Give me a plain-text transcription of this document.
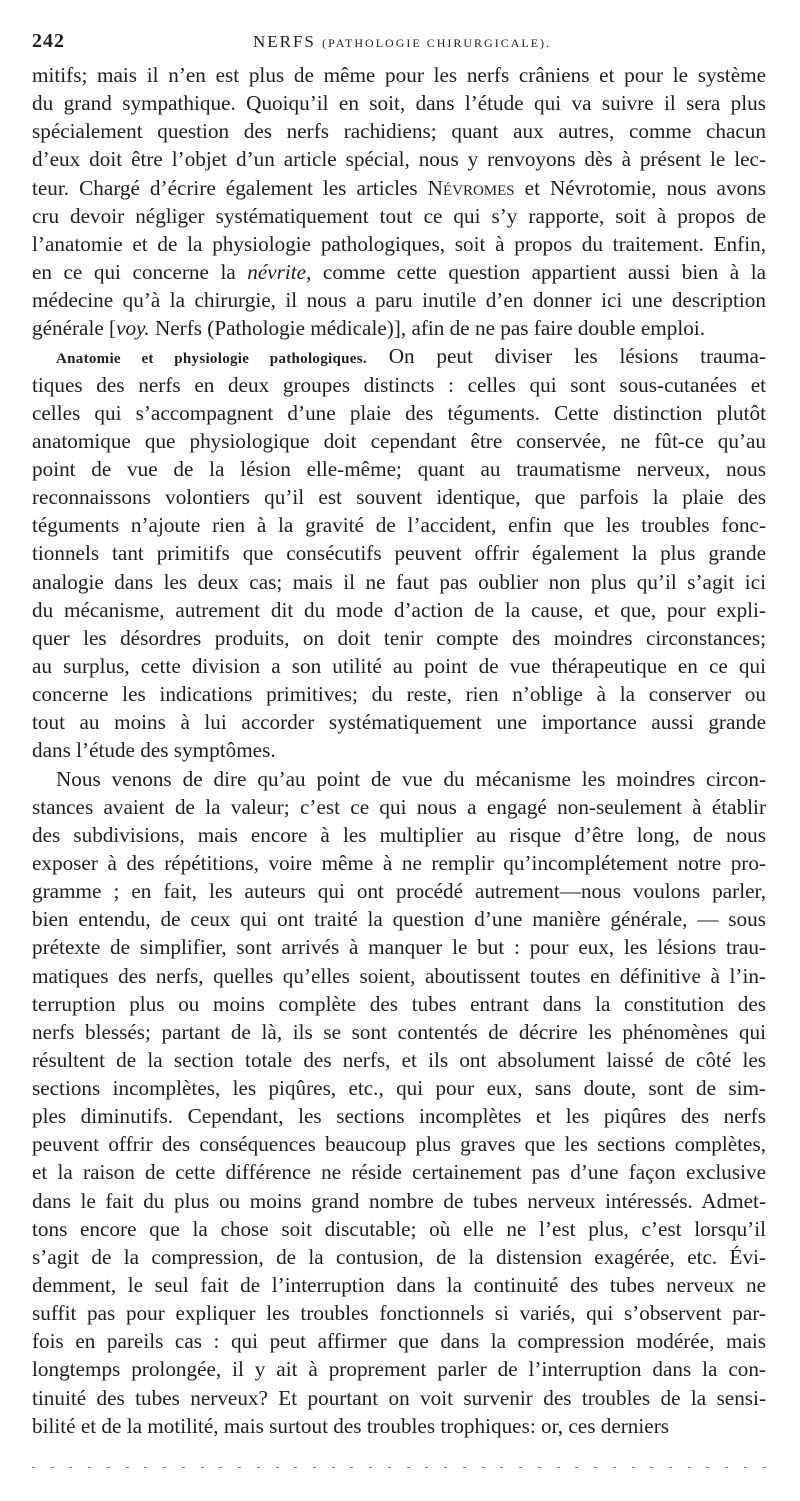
242	NERFS (PATHOLOGIE CHIRURGICALE).
mitifs; mais il n’en est plus de même pour les nerfs crâniens et pour le système
du grand sympathique. Quoiqu’il en soit, dans l’étude qui va suivre il sera plus
spécialement question des nerfs rachidiens; quant aux autres, comme chacun
d’eux doit être l’objet d’un article spécial, nous y renvoyons dès à présent le lec-
teur. Chargé d’écrire également les articles Névromes et Névrotomie, nous avons
cru devoir négliger systématiquement tout ce qui s’y rapporte, soit à propos de
l’anatomie et de la physiologie pathologiques, soit à propos du traitement. Enfin,
en ce qui concerne la névrite, comme cette question appartient aussi bien à la
médecine qu’à la chirurgie, il nous a paru inutile d’en donner ici une description
générale [voy. Nerfs (Pathologie médicale)], afin de ne pas faire double emploi.
Anatomie et physiologie pathologiques. On peut diviser les lésions trauma-
tiques des nerfs en deux groupes distincts : celles qui sont sous-cutanées et
celles qui s’accompagnent d’une plaie des téguments. Cette distinction plutôt
anatomique que physiologique doit cependant être conservée, ne fût-ce qu’au
point de vue de la lésion elle-même; quant au traumatisme nerveux, nous
reconnaissons volontiers qu’il est souvent identique, que parfois la plaie des
téguments n’ajoute rien à la gravité de l’accident, enfin que les troubles fonc-
tionnels tant primitifs que consécutifs peuvent offrir également la plus grande
analogie dans les deux cas; mais il ne faut pas oublier non plus qu’il s’agit ici
du mécanisme, autrement dit du mode d’action de la cause, et que, pour expli-
quer les désordres produits, on doit tenir compte des moindres circonstances;
au surplus, cette division a son utilité au point de vue thérapeutique en ce qui
concerne les indications primitives; du reste, rien n’oblige à la conserver ou
tout au moins à lui accorder systématiquement une importance aussi grande
dans l’étude des symptômes.
Nous venons de dire qu’au point de vue du mécanisme les moindres circon-
stances avaient de la valeur; c’est ce qui nous a engagé non-seulement à établir
des subdivisions, mais encore à les multiplier au risque d’être long, de nous
exposer à des répétitions, voire même à ne remplir qu’incomplétement notre pro-
gramme ; en fait, les auteurs qui ont procédé autrement—nous voulons parler,
bien entendu, de ceux qui ont traité la question d’une manière générale, — sous
prétexte de simplifier, sont arrivés à manquer le but : pour eux, les lésions trau-
matiques des nerfs, quelles qu’elles soient, aboutissent toutes en définitive à l’in-
terruption plus ou moins complète des tubes entrant dans la constitution des
nerfs blessés; partant de là, ils se sont contentés de décrire les phénomènes qui
résultent de la section totale des nerfs, et ils ont absolument laissé de côté les
sections incomplètes, les piqûres, etc., qui pour eux, sans doute, sont de sim-
ples diminutifs. Cependant, les sections incomplètes et les piqûres des nerfs
peuvent offrir des conséquences beaucoup plus graves que les sections complètes,
et la raison de cette différence ne réside certainement pas d’une façon exclusive
dans le fait du plus ou moins grand nombre de tubes nerveux intéressés. Admet-
tons encore que la chose soit discutable; où elle ne l’est plus, c’est lorsqu’il
s’agit de la compression, de la contusion, de la distension exagérée, etc. Évi-
demment, le seul fait de l’interruption dans la continuité des tubes nerveux ne
suffit pas pour expliquer les troubles fonctionnels si variés, qui s’observent par-
fois en pareils cas : qui peut affirmer que dans la compression modérée, mais
longtemps prolongée, il y ait à proprement parler de l’interruption dans la con-
tinuité des tubes nerveux? Et pourtant on voit survenir des troubles de la sensi-
bilité et de la motilité, mais surtout des troubles trophiques: or, ces derniers
